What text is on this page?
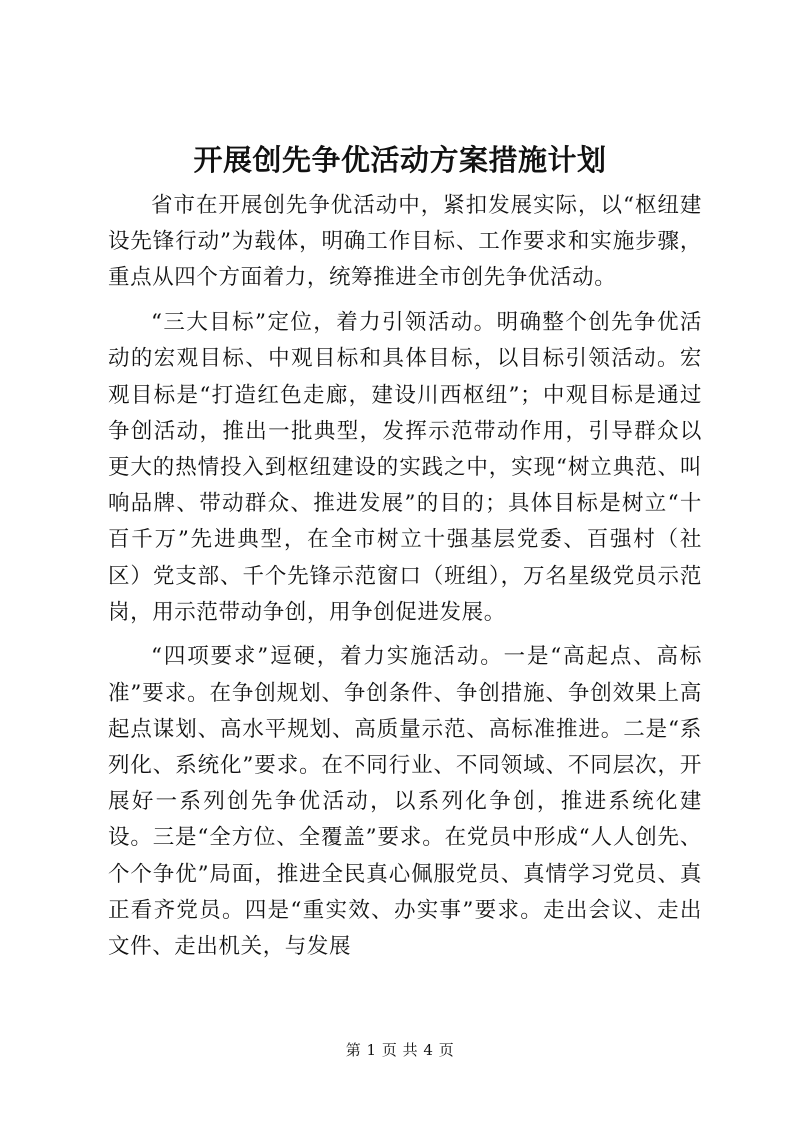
开展创先争优活动方案措施计划

省市在开展创先争优活动中，紧扣发展实际，以“枢纽建设先锋行动”为载体，明确工作目标、工作要求和实施步骤，重点从四个方面着力，统筹推进全市创先争优活动。

“三大目标”定位，着力引领活动。明确整个创先争优活动的宏观目标、中观目标和具体目标，以目标引领活动。宏观目标是“打造红色走廊，建设川西枢纽”；中观目标是通过争创活动，推出一批典型，发挥示范带动作用，引导群众以更大的热情投入到枢纽建设的实践之中，实现“树立典范、叫响品牌、带动群众、推进发展”的目的；具体目标是树立“十百千万”先进典型，在全市树立十强基层党委、百强村（社区）党支部、千个先锋示范窗口（班组），万名星级党员示范岗，用示范带动争创，用争创促进发展。

“四项要求”逗硬，着力实施活动。一是“高起点、高标准”要求。在争创规划、争创条件、争创措施、争创效果上高起点谋划、高水平规划、高质量示范、高标准推进。二是“系列化、系统化”要求。在不同行业、不同领域、不同层次，开展好一系列创先争优活动，以系列化争创，推进系统化建设。三是“全方位、全覆盖”要求。在党员中形成“人人创先、个个争优”局面，推进全民真心佩服党员、真情学习党员、真正看齐党员。四是“重实效、办实事”要求。走出会议、走出文件、走出机关，与发展

第 1 页 共 4 页
